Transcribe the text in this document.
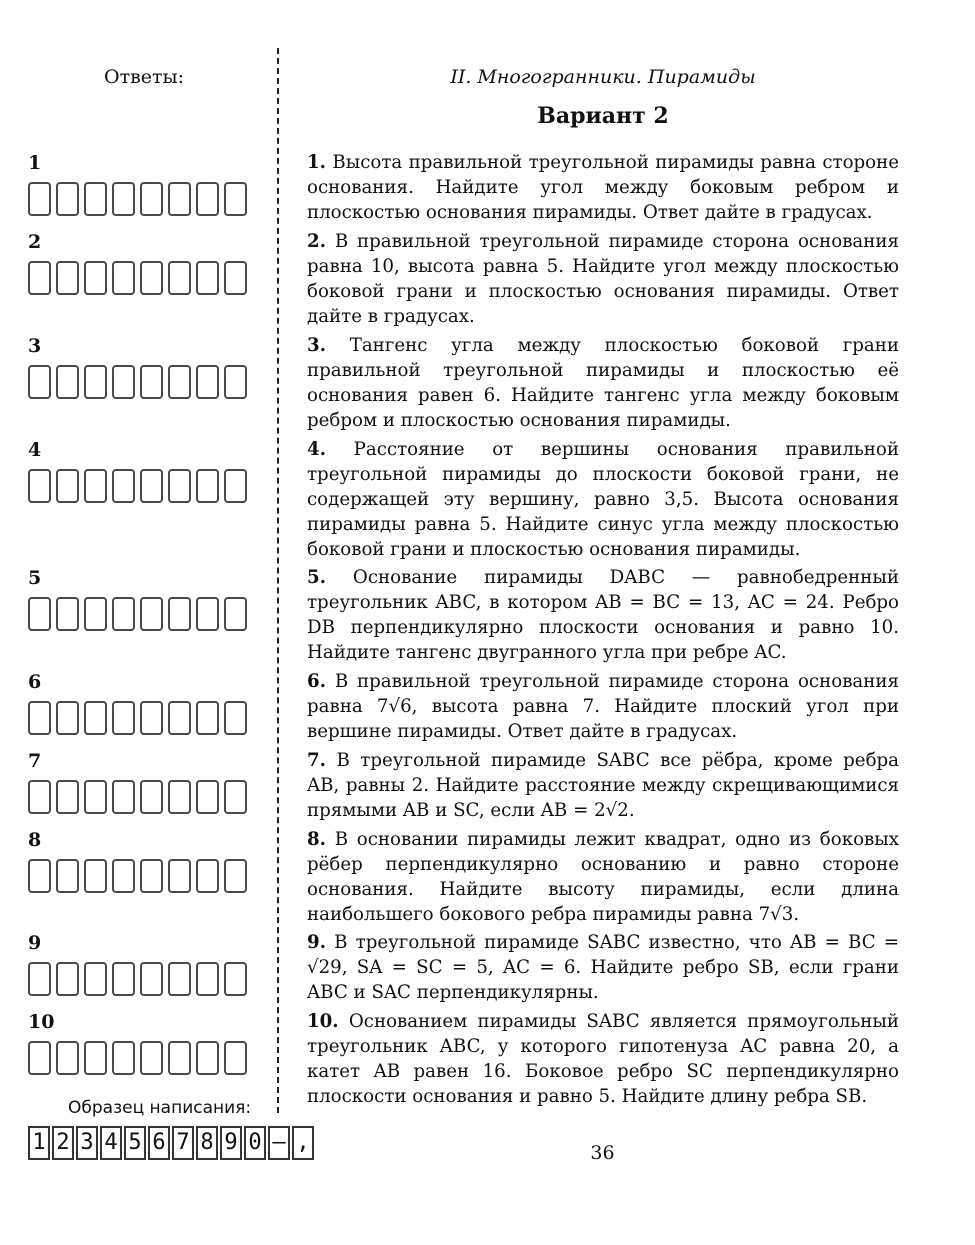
Ответы:
1
2
3
4
5
6
7
8
9
10
Образец написания:
1 2 3 4 5 6 7 8 9 0 – ,
II. Многогранники. Пирамиды
Вариант 2
1. Высота правильной треугольной пирамиды равна стороне основания. Найдите угол между боковым ребром и плоскостью основания пирамиды. Ответ дайте в градусах.
2. В правильной треугольной пирамиде сторона основания равна 10, высота равна 5. Найдите угол между плоскостью боковой грани и плоскостью основания пирамиды. Ответ дайте в градусах.
3. Тангенс угла между плоскостью боковой грани правильной треугольной пирамиды и плоскостью её основания равен 6. Найдите тангенс угла между боковым ребром и плоскостью основания пирамиды.
4. Расстояние от вершины основания правильной треугольной пирамиды до плоскости боковой грани, не содержащей эту вершину, равно 3,5. Высота основания пирамиды равна 5. Найдите синус угла между плоскостью боковой грани и плоскостью основания пирамиды.
5. Основание пирамиды DABC — равнобедренный треугольник ABC, в котором AB = BC = 13, AC = 24. Ребро DB перпендикулярно плоскости основания и равно 10. Найдите тангенс двугранного угла при ребре AC.
6. В правильной треугольной пирамиде сторона основания равна 7√6, высота равна 7. Найдите плоский угол при вершине пирамиды. Ответ дайте в градусах.
7. В треугольной пирамиде SABC все рёбра, кроме ребра AB, равны 2. Найдите расстояние между скрещивающимися прямыми AB и SC, если AB = 2√2.
8. В основании пирамиды лежит квадрат, одно из боковых рёбер перпендикулярно основанию и равно стороне основания. Найдите высоту пирамиды, если длина наибольшего бокового ребра пирамиды равна 7√3.
9. В треугольной пирамиде SABC известно, что AB = BC = √29, SA = SC = 5, AC = 6. Найдите ребро SB, если грани ABC и SAC перпендикулярны.
10. Основанием пирамиды SABC является прямоугольный треугольник ABC, у которого гипотенуза AC равна 20, а катет AB равен 16. Боковое ребро SC перпендикулярно плоскости основания и равно 5. Найдите длину ребра SB.
36
